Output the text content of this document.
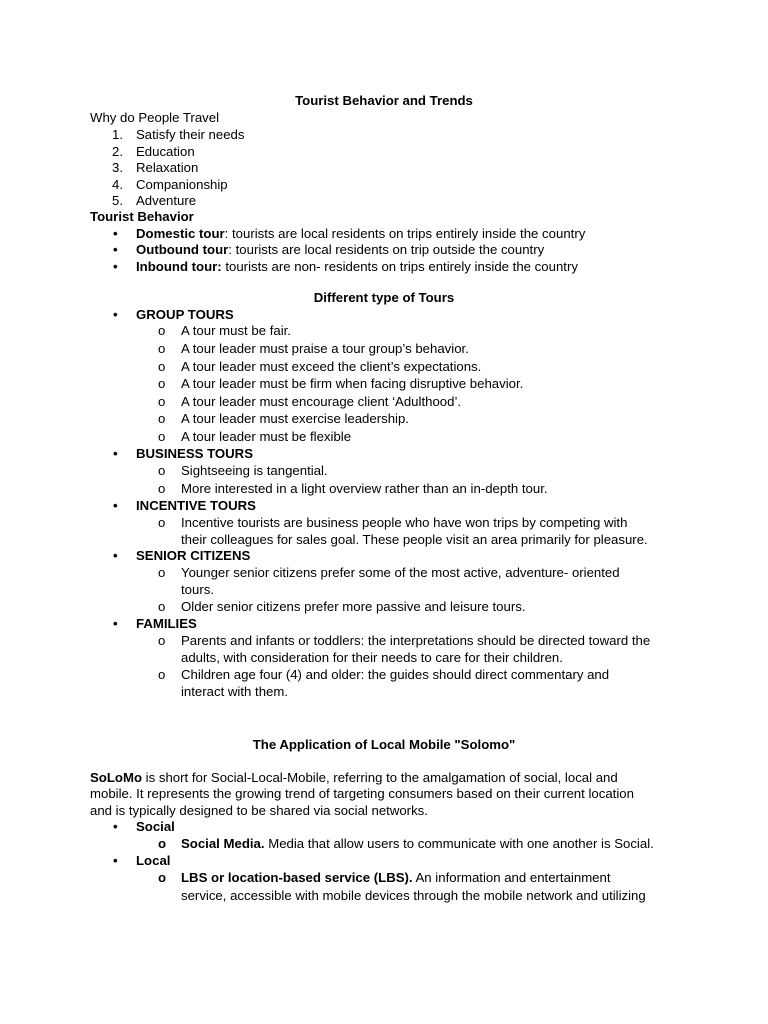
Tourist Behavior and Trends
Why do People Travel
1. Satisfy their needs
2. Education
3. Relaxation
4. Companionship
5. Adventure
Tourist Behavior
• Domestic tour: tourists are local residents on trips entirely inside the country
• Outbound tour: tourists are local residents on trip outside the country
• Inbound tour: tourists are non- residents on trips entirely inside the country
Different type of Tours
• GROUP TOURS
o A tour must be fair.
o A tour leader must praise a tour group’s behavior.
o A tour leader must exceed the client’s expectations.
o A tour leader must be firm when facing disruptive behavior.
o A tour leader must encourage client ‘Adulthood’.
o A tour leader must exercise leadership.
o A tour leader must be flexible
• BUSINESS TOURS
o Sightseeing is tangential.
o More interested in a light overview rather than an in-depth tour.
• INCENTIVE TOURS
o Incentive tourists are business people who have won trips by competing with
their colleagues for sales goal. These people visit an area primarily for pleasure.
• SENIOR CITIZENS
o Younger senior citizens prefer some of the most active, adventure- oriented
tours.
o Older senior citizens prefer more passive and leisure tours.
• FAMILIES
o Parents and infants or toddlers: the interpretations should be directed toward the
adults, with consideration for their needs to care for their children.
o Children age four (4) and older: the guides should direct commentary and
interact with them.
The Application of Local Mobile "Solomo"
SoLoMo is short for Social-Local-Mobile, referring to the amalgamation of social, local and
mobile. It represents the growing trend of targeting consumers based on their current location
and is typically designed to be shared via social networks.
• Social
o Social Media. Media that allow users to communicate with one another is Social.
• Local
o LBS or location-based service (LBS). An information and entertainment
service, accessible with mobile devices through the mobile network and utilizing
